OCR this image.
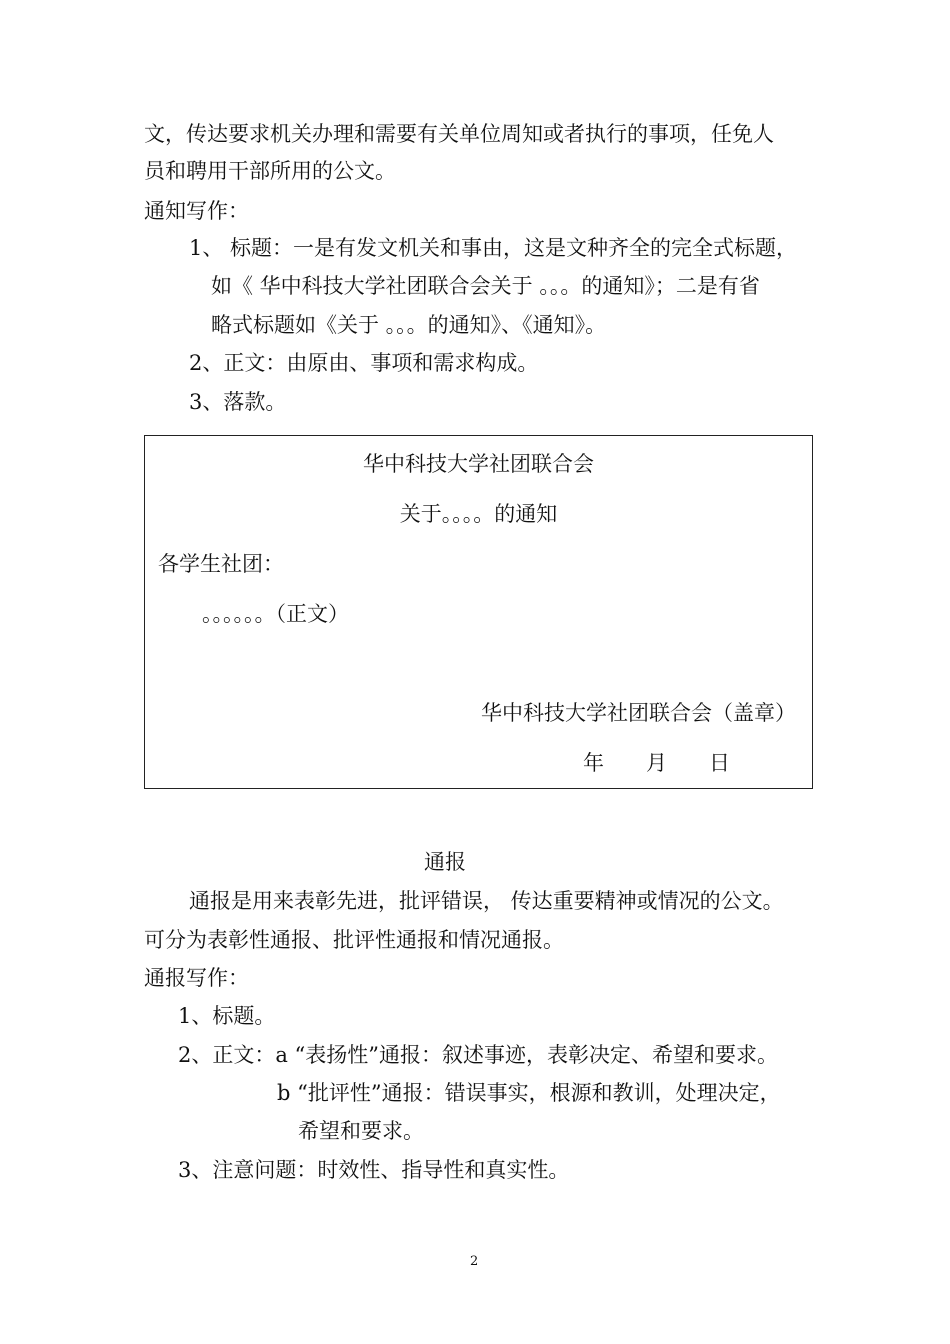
文，传达要求机关办理和需要有关单位周知或者执行的事项，任免人
员和聘用干部所用的公文。
通知写作：
1、 标题：一是有发文机关和事由，这是文种齐全的完全式标题，
如《 华中科技大学社团联合会关于 。。。的通知》；二是有省
略式标题如《关于 。。。的通知》、《通知》。
2、正文：由原由、事项和需求构成。
3、落款。
华中科技大学社团联合会
关于。。。。的通知
各学生社团：
。。。。。。（正文）
华中科技大学社团联合会（盖章）
年　　月　　日
通报
通报是用来表彰先进，批评错误， 传达重要精神或情况的公文。
可分为表彰性通报、批评性通报和情况通报。
通报写作：
1、标题。
2、正文：a “表扬性”通报：叙述事迹，表彰决定、希望和要求。
b “批评性”通报：错误事实，根源和教训，处理决定，
希望和要求。
3、注意问题：时效性、指导性和真实性。
2
